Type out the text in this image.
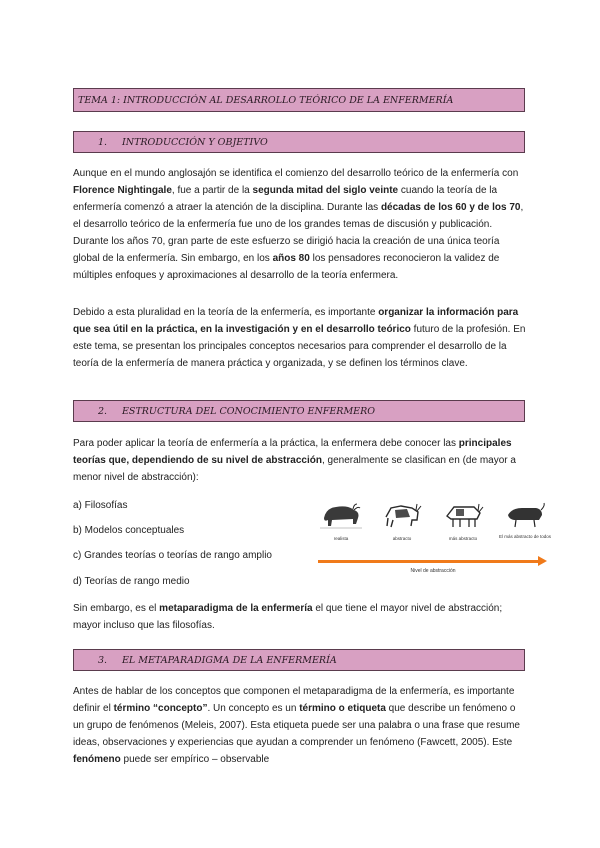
TEMA 1: INTRODUCCIÓN AL DESARROLLO TEÓRICO DE LA ENFERMERÍA
1.	INTRODUCCIÓN Y OBJETIVO

Aunque en el mundo anglosajón se identifica el comienzo del desarrollo teórico de la enfermería con Florence Nightingale, fue a partir de la segunda mitad del siglo veinte cuando la teoría de la enfermería comenzó a atraer la atención de la disciplina. Durante las décadas de los 60 y de los 70, el desarrollo teórico de la enfermería fue uno de los grandes temas de discusión y publicación. Durante los años 70, gran parte de este esfuerzo se dirigió hacia la creación de una única teoría global de la enfermería. Sin embargo, en los años 80 los pensadores reconocieron la validez de múltiples enfoques y aproximaciones al desarrollo de la teoría enfermera.

Debido a esta pluralidad en la teoría de la enfermería, es importante organizar la información para que sea útil en la práctica, en la investigación y en el desarrollo teórico futuro de la profesión. En este tema, se presentan los principales conceptos necesarios para comprender el desarrollo de la teoría de la enfermería de manera práctica y organizada, y se definen los términos clave.

2.	ESTRUCTURA DEL CONOCIMIENTO ENFERMERO

Para poder aplicar la teoría de enfermería a la práctica, la enfermera debe conocer las principales teorías que, dependiendo de su nivel de abstracción, generalmente se clasifican en (de mayor a menor nivel de abstracción):

a) Filosofías
b) Modelos conceptuales
c) Grandes teorías o teorías de rango amplio
d) Teorías de rango medio
realista	abstracto	más abstracto	El más abstracto de todos
Nivel de abstracción

Sin embargo, es el metaparadigma de la enfermería el que tiene el mayor nivel de abstracción; mayor incluso que las filosofías.

3.	EL METAPARADIGMA DE LA ENFERMERÍA

Antes de hablar de los conceptos que componen el metaparadigma de la enfermería, es importante definir el término “concepto”. Un concepto es un término o etiqueta que describe un fenómeno o un grupo de fenómenos (Meleis, 2007). Esta etiqueta puede ser una palabra o una frase que resume ideas, observaciones y experiencias que ayudan a comprender un fenómeno (Fawcett, 2005). Este fenómeno puede ser empírico – observable
